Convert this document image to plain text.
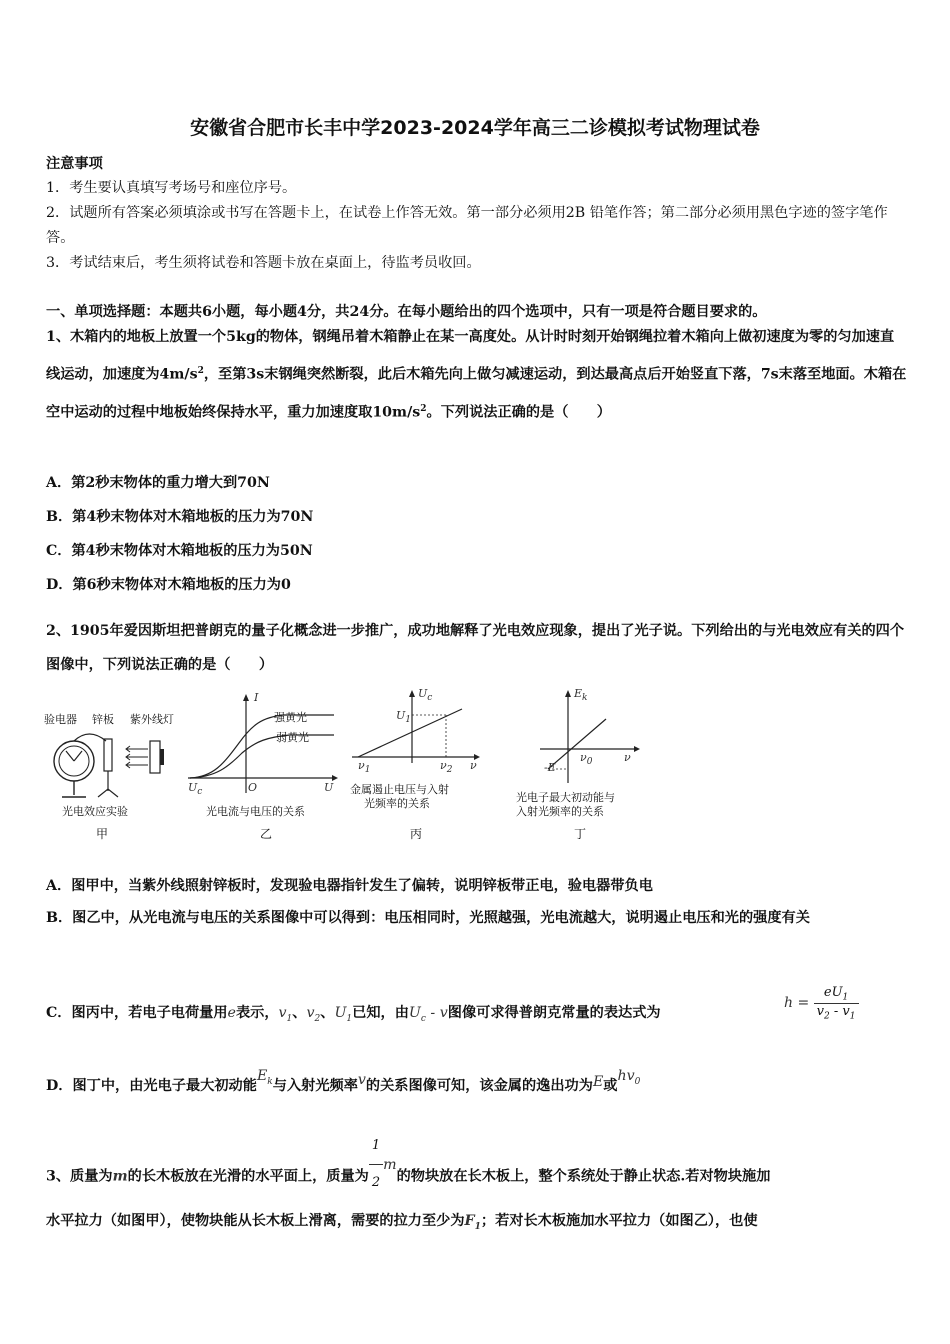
安徽省合肥市长丰中学2023-2024学年高三二诊模拟考试物理试卷
注意事项
1．考生要认真填写考场号和座位序号。
2．试题所有答案必须填涂或书写在答题卡上，在试卷上作答无效。第一部分必须用2B 铅笔作答；第二部分必须用黑色字迹的签字笔作答。
3．考试结束后，考生须将试卷和答题卡放在桌面上，待监考员收回。
一、单项选择题：本题共6小题，每小题4分，共24分。在每小题给出的四个选项中，只有一项是符合题目要求的。
1、木箱内的地板上放置一个5kg的物体，钢绳吊着木箱静止在某一高度处。从计时时刻开始钢绳拉着木箱向上做初速度为零的匀加速直线运动，加速度为$4m/s^2$，至第3s末钢绳突然断裂，此后木箱先向上做匀减速运动，到达最高点后开始竖直下落，7s末落至地面。木箱在空中运动的过程中地板始终保持水平，重力加速度取$10m/s^2$。下列说法正确的是（　　）
A．第2秒末物体的重力增大到70N
B．第4秒末物体对木箱地板的压力为70N
C．第4秒末物体对木箱地板的压力为50N
D．第6秒末物体对木箱地板的压力为0
2、1905年爱因斯坦把普朗克的量子化概念进一步推广，成功地解释了光电效应现象，提出了光子说。下列给出的与光电效应有关的四个图像中，下列说法正确的是（　　）
验电器 锌板 紫外线灯
光电效应实验
甲
I
强黄光
弱黄光
$U_c$	O	U
光电流与电压的关系
乙
$U_c$
$U_1$
$\nu_1$	$\nu_2$ ν
金属遏止电压与入射
光频率的关系
丙
$E_k$
-E
$\nu_0$	ν
光电子最大初动能与
入射光频率的关系
丁
A．图甲中，当紫外线照射锌板时，发现验电器指针发生了偏转，说明锌板带正电，验电器带负电
B．图乙中，从光电流与电压的关系图像中可以得到：电压相同时，光照越强，光电流越大，说明遏止电压和光的强度有关
C．图丙中，若电子电荷量用e表示，$v_1$、$v_2$、$U_1$已知，由$U_c$ - v图像可求得普朗克常量的表达式为
$h = \frac{eU_1}{v_2 - v_1}$
D．图丁中，由光电子最大初动能$E_k$与入射光频率v的关系图像可知，该金属的逸出功为E或$hv_0$
3、质量为m的长木板放在光滑的水平面上，质量为 $\frac{1}{2}$ m的物块放在长木板上，整个系统处于静止状态.若对物块施加
水平拉力（如图甲），使物块能从长木板上滑离，需要的拉力至少为$F_1$；若对长木板施加水平拉力（如图乙），也使
